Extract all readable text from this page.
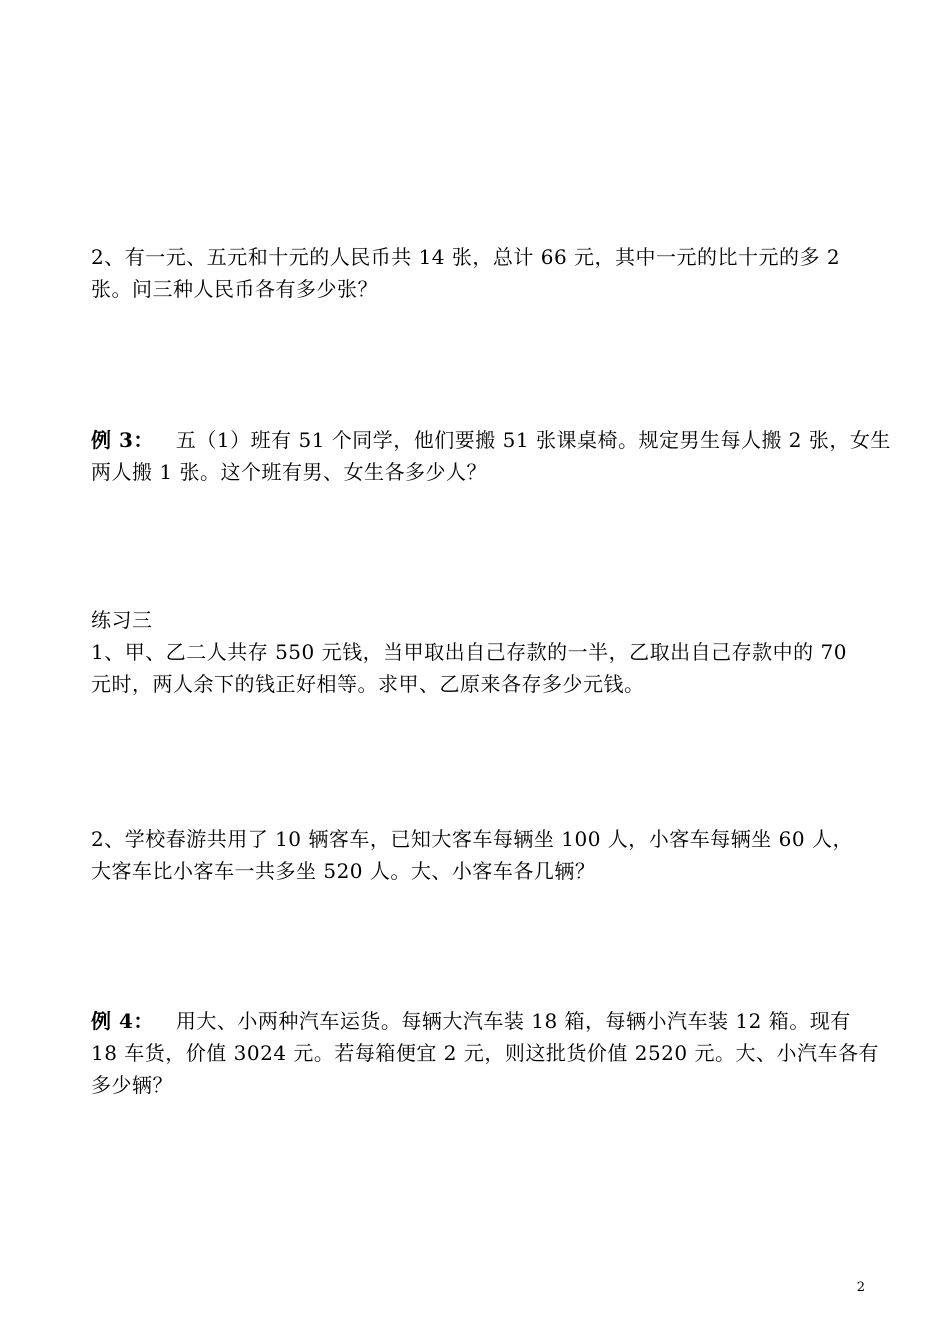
2、有一元、五元和十元的人民币共 14 张，总计 66 元，其中一元的比十元的多 2
张。问三种人民币各有多少张？
例 3： 五（1）班有 51 个同学，他们要搬 51 张课桌椅。规定男生每人搬 2 张，女生
两人搬 1 张。这个班有男、女生各多少人？
练习三
1、甲、乙二人共存 550 元钱，当甲取出自己存款的一半，乙取出自己存款中的 70
元时，两人余下的钱正好相等。求甲、乙原来各存多少元钱。
2、学校春游共用了 10 辆客车，已知大客车每辆坐 100 人，小客车每辆坐 60 人，
大客车比小客车一共多坐 520 人。大、小客车各几辆？
例 4： 用大、小两种汽车运货。每辆大汽车装 18 箱，每辆小汽车装 12 箱。现有
18 车货，价值 3024 元。若每箱便宜 2 元，则这批货价值 2520 元。大、小汽车各有
多少辆？
2
